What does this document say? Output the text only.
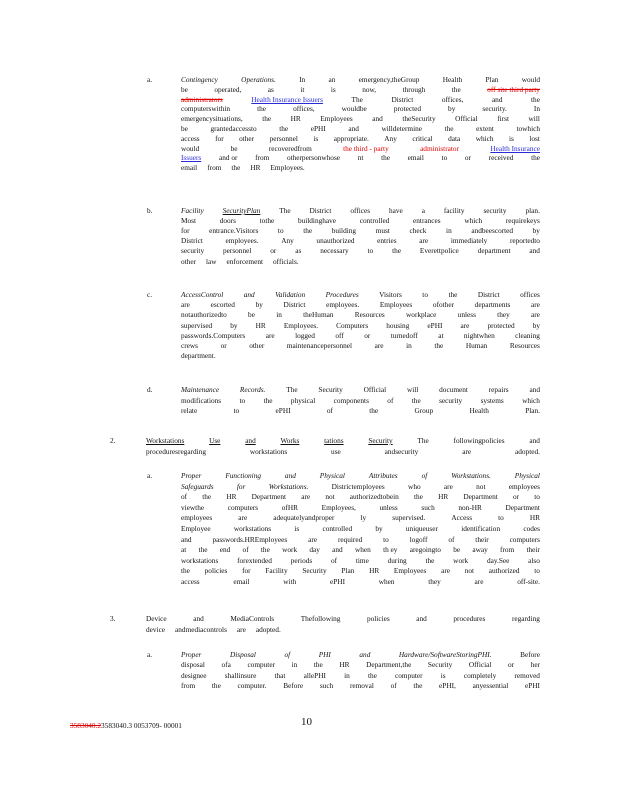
a.	Contingency	Operations.	In	an	emergency,theGroup	Health	Plan	would
be	operated,	as	it	is	now,	through	the	off site third party
administrators	Health Insurance Issuers	The	District	offices,	and	the
computerswithin	the	offices,	wouldbe	protected	by	security.	In
emergencysituations,	the	HR	Employees	and	theSecurity	Official	first	will
be	grantedaccessto	the	ePHI	and	willdetermine	the	extent	towhich
access for other personnel is appropriate. Any critical data which is lost
would	be	recoveredfrom	the third - party	administrator	Health Insurance
Issuers and or from otherpersonwhose nt the email to or received the
email from the HR Employees.
b.	Facility	SecurityPlan	The	District	offices	have	a	facility	security	plan.
Most	doors	tothe	buildinghave	controlled	entrances	which	requirekeys
for	entrance.Visitors	to	the	building	must	check	in	andbeescorted	by
District	employees.	Any	unauthorized	entries	are	immediately	reportedto
security	personnel	or	as	necessary	to	the	Everettpolice	department	and
other law enforcement officials.
c.	AccessControl	and	Validation	Procedures	Visitors	to	the	District	offices
are	escorted	by	District	employees.	Employees	ofother	departments	are
notauthorizedto	be	in	theHuman	Resources	workplace	unless	they	are
supervised by HR Employees. Computers housing ePHI are protected by
passwords.Computers	are	logged	off	or	turnedoff	at	nightwhen	cleaning
crews	or	other	maintenancepersonnel	are	in	the	Human	Resources
department.
d.	Maintenance	Records.	The	Security	Official	will	document	repairs	and
modifications	to	the	physical	components	of	the	security	systems	which
relate	to	ePHI	of	the	Group	Health	Plan.
2.	Workstations	Use	and	Works	tations	Security	The	followingpolicies	and
proceduresregarding	workstations	use	andsecurity	are	adopted.
a.	Proper	Functioning	and	Physical	Attributes	of	Workstations.	Physical
Safeguards	for	Workstations.	Districtemployees	who	are	not	employees
of the HR Department are not authorizedtobein the HR Department or to
viewthe	computers	ofHR	Employees,	unless	such	non-HR	Department
employees	are	adequatelyandproper	ly	supervised.	Access	to	HR
Employee	workstations	is	controlled	by	uniqueuser	identification	codes
and	passwords.HREmployees	are	required	to	logoff	of	their	computers
at the end of the work day and when th ey aregoingto be away from their
workstations	forextended	periods	of	time	during	the	work	day.See	also
the policies for Facility Security Plan HR Employees are not authorized to
access	email	with	ePHI	when	they	are	off-site.
3.	Device	and	MediaControls	Thefollowing	policies	and	procedures	regarding
device andmediacontrols are adopted.
a.	Proper	Disposal	of	PHI	and	Hardware/SoftwareStoringPHI.	Before
disposal ofa computer in the HR Department,the Security Official or her
designee shallinsure that allePHI in the computer is completely removed
from the computer. Before such removal of the ePHI, anyessential ePHI
3583040.23583040.3 0053709- 00001	10
